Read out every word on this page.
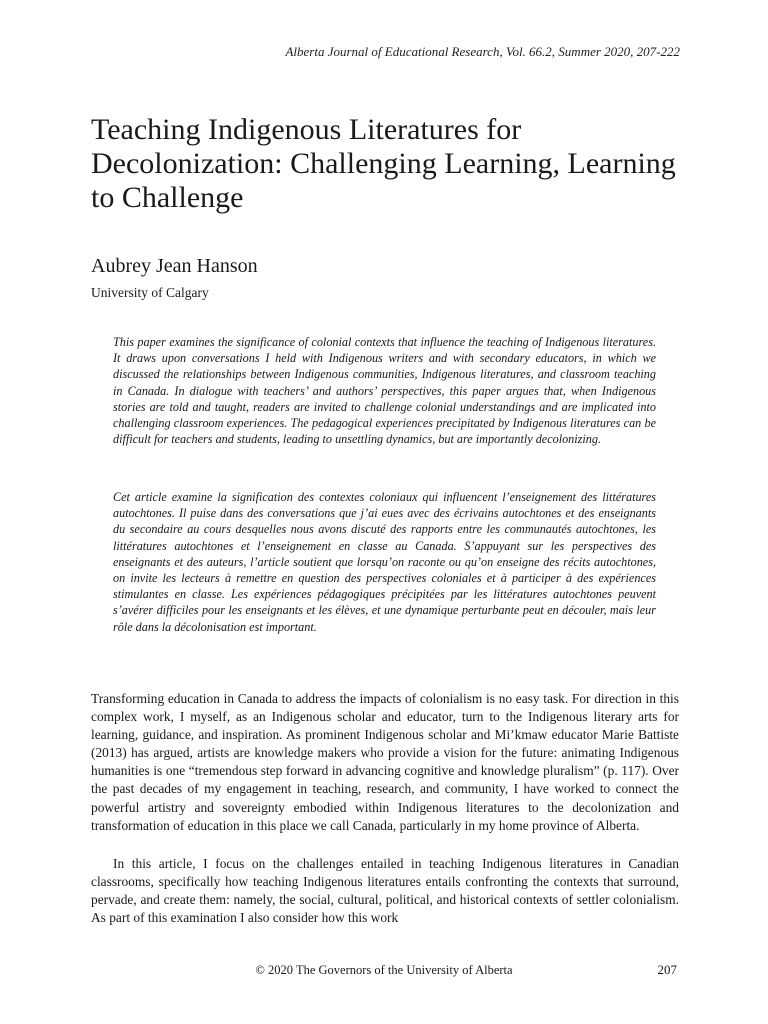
Alberta Journal of Educational Research, Vol. 66.2, Summer 2020, 207-222
Teaching Indigenous Literatures for Decolonization: Challenging Learning, Learning to Challenge
Aubrey Jean Hanson
University of Calgary

This paper examines the significance of colonial contexts that influence the teaching of Indigenous literatures. It draws upon conversations I held with Indigenous writers and with secondary educators, in which we discussed the relationships between Indigenous communities, Indigenous literatures, and classroom teaching in Canada. In dialogue with teachers’ and authors’ perspectives, this paper argues that, when Indigenous stories are told and taught, readers are invited to challenge colonial understandings and are implicated into challenging classroom experiences. The pedagogical experiences precipitated by Indigenous literatures can be difficult for teachers and students, leading to unsettling dynamics, but are importantly decolonizing.

Cet article examine la signification des contextes coloniaux qui influencent l’enseignement des littératures autochtones. Il puise dans des conversations que j’ai eues avec des écrivains autochtones et des enseignants du secondaire au cours desquelles nous avons discuté des rapports entre les communautés autochtones, les littératures autochtones et l’enseignement en classe au Canada. S’appuyant sur les perspectives des enseignants et des auteurs, l’article soutient que lorsqu’on raconte ou qu’on enseigne des récits autochtones, on invite les lecteurs à remettre en question des perspectives coloniales et à participer à des expériences stimulantes en classe. Les expériences pédagogiques précipitées par les littératures autochtones peuvent s’avérer difficiles pour les enseignants et les élèves, et une dynamique perturbante peut en découler, mais leur rôle dans la décolonisation est important.

Transforming education in Canada to address the impacts of colonialism is no easy task. For direction in this complex work, I myself, as an Indigenous scholar and educator, turn to the Indigenous literary arts for learning, guidance, and inspiration. As prominent Indigenous scholar and Mi’kmaw educator Marie Battiste (2013) has argued, artists are knowledge makers who provide a vision for the future: animating Indigenous humanities is one “tremendous step forward in advancing cognitive and knowledge pluralism” (p. 117). Over the past decades of my engagement in teaching, research, and community, I have worked to connect the powerful artistry and sovereignty embodied within Indigenous literatures to the decolonization and transformation of education in this place we call Canada, particularly in my home province of Alberta.

In this article, I focus on the challenges entailed in teaching Indigenous literatures in Canadian classrooms, specifically how teaching Indigenous literatures entails confronting the contexts that surround, pervade, and create them: namely, the social, cultural, political, and historical contexts of settler colonialism. As part of this examination I also consider how this work

© 2020 The Governors of the University of Alberta	207
